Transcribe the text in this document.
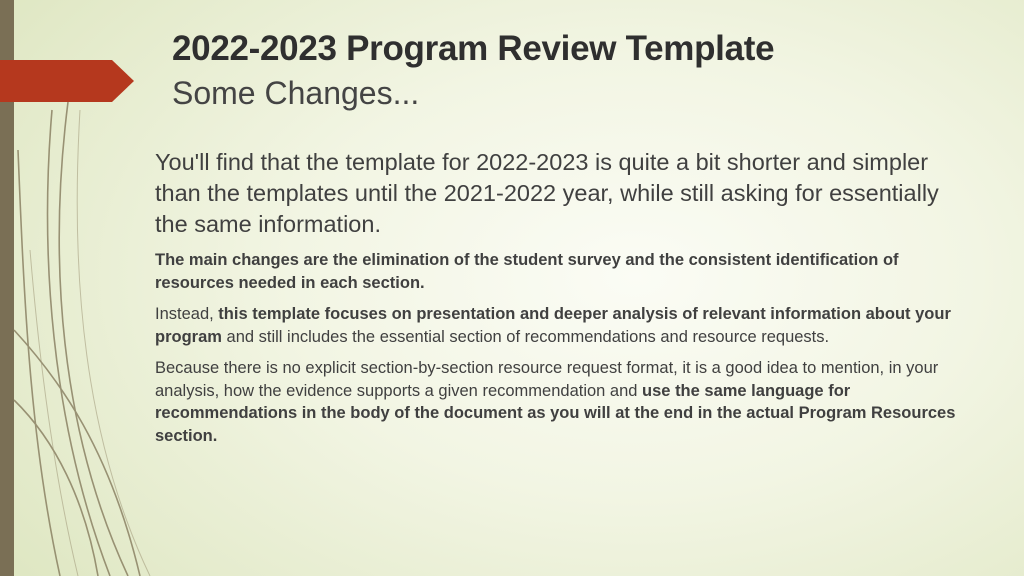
2022-2023 Program Review Template
Some Changes...

You'll find that the template for 2022-2023 is quite a bit shorter and simpler than the templates until the 2021-2022 year, while still asking for essentially the same information.

The main changes are the elimination of the student survey and the consistent identification of resources needed in each section.

Instead, this template focuses on presentation and deeper analysis of relevant information about your program and still includes the essential section of recommendations and resource requests.

Because there is no explicit section-by-section resource request format, it is a good idea to mention, in your analysis, how the evidence supports a given recommendation and use the same language for recommendations in the body of the document as you will at the end in the actual Program Resources section.
